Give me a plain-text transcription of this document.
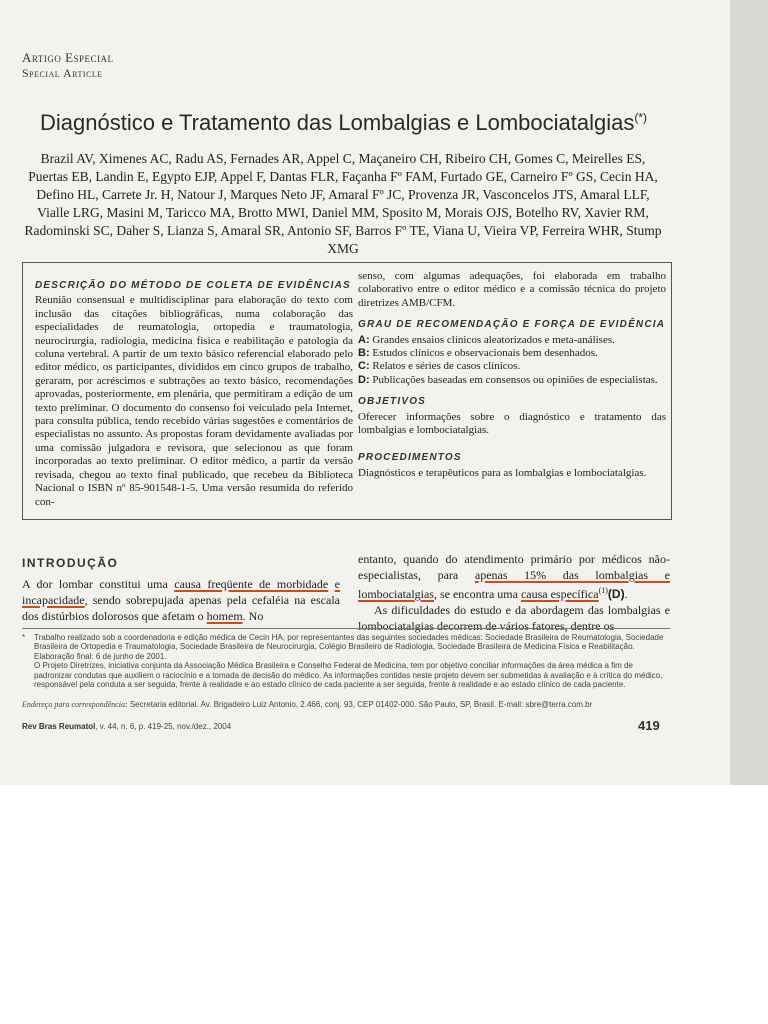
Artigo Especial
Special Article
Diagnóstico e Tratamento das Lombalgias e Lombociatalgias(*)
Brazil AV, Ximenes AC, Radu AS, Fernades AR, Appel C, Maçaneiro CH, Ribeiro CH, Gomes C, Meirelles ES, Puertas EB, Landin E, Egypto EJP, Appel F, Dantas FLR, Façanha Fº FAM, Furtado GE, Carneiro Fº GS, Cecin HA, Defino HL, Carrete Jr. H, Natour J, Marques Neto JF, Amaral Fº JC, Provenza JR, Vasconcelos JTS, Amaral LLF, Vialle LRG, Masini M, Taricco MA, Brotto MWI, Daniel MM, Sposito M, Morais OJS, Botelho RV, Xavier RM, Radominski SC, Daher S, Lianza S, Amaral SR, Antonio SF, Barros Fº TE, Viana U, Vieira VP, Ferreira WHR, Stump XMG
DESCRIÇÃO DO MÉTODO DE COLETA DE EVIDÊNCIAS
Reunião consensual e multidisciplinar para elaboração do texto com inclusão das citações bibliográficas, numa colaboração das especialidades de reumatologia, ortopedia e traumatologia, neurocirurgia, radiologia, medicina física e reabilitação e patologia da coluna vertebral. A partir de um texto básico referencial elaborado pelo editor médico, os participantes, divididos em cinco grupos de trabalho, geraram, por acréscimos e subtrações ao texto básico, recomendações aprovadas, posteriormente, em plenária, que permitiram a edição de um texto preliminar. O documento do consenso foi veiculado pela Internet, para consulta pública, tendo recebido várias sugestões e comentários de especialistas no assunto. As propostas foram devidamente avaliadas por uma comissão julgadora e revisora, que selecionou as que foram incorporadas ao texto preliminar. O editor médico, a partir da versão revisada, chegou ao texto final publicado, que recebeu da Biblioteca Nacional o ISBN nº 85-901548-1-5. Uma versão resumida do referido con-
senso, com algumas adequações, foi elaborada em trabalho colaborativo entre o editor médico e a comissão técnica do projeto diretrizes AMB/CFM.
GRAU DE RECOMENDAÇÃO E FORÇA DE EVIDÊNCIA
A: Grandes ensaios clínicos aleatorizados e meta-análises.
B: Estudos clínicos e observacionais bem desenhados.
C: Relatos e séries de casos clínicos.
D: Publicações baseadas em consensos ou opiniões de especialistas.
OBJETIVOS
Oferecer informações sobre o diagnóstico e tratamento das lombalgias e lombociatalgias.
PROCEDIMENTOS
Diagnósticos e terapêuticos para as lombalgias e lombociatalgias.
INTRODUÇÃO
A dor lombar constitui uma causa freqüente de morbidade e incapacidade, sendo sobrepujada apenas pela cefaléia na escala dos distúrbios dolorosos que afetam o homem. No
entanto, quando do atendimento primário por médicos não-especialistas, para apenas 15% das lombalgias e lombociatalgias, se encontra uma causa específica$^{(1)}$(D).
As dificuldades do estudo e da abordagem das lombalgias e lombociatalgias decorrem de vários fatores, dentre os
* Trabalho realizado sob a coordenadoria e edição médica de Cecin HA, por representantes das seguintes sociedades médicas: Sociedade Brasileira de Reumatologia, Sociedade Brasileira de Ortopedia e Traumatologia, Sociedade Brasileira de Neurocirurgia, Colégio Brasileiro de Radiologia, Sociedade Brasileira de Medicina Física e Reabilitação. Elaboração final: 6 de junho de 2001.

O Projeto Diretrizes, iniciativa conjunta da Associação Médica Brasileira e Conselho Federal de Medicina, tem por objetivo conciliar informações da área médica a fim de padronizar condutas que auxiliem o raciocínio e a tomada de decisão do médico. As informações contidas neste projeto devem ser submetidas à avaliação e à crítica do médico, responsável pela conduta a ser seguida, frente à realidade e ao estado clínico de cada paciente a ser seguida, frente à realidade e ao estado clínico de cada paciente.

Endereço para correspondência: Secretaria editorial. Av. Brigadeiro Luiz Antonio, 2.466, conj. 93, CEP 01402-000. São Paulo, SP, Brasil. E-mail: sbre@terra.com.br
Rev Bras Reumatol, v. 44, n. 6, p. 419-25, nov./dez., 2004	419
